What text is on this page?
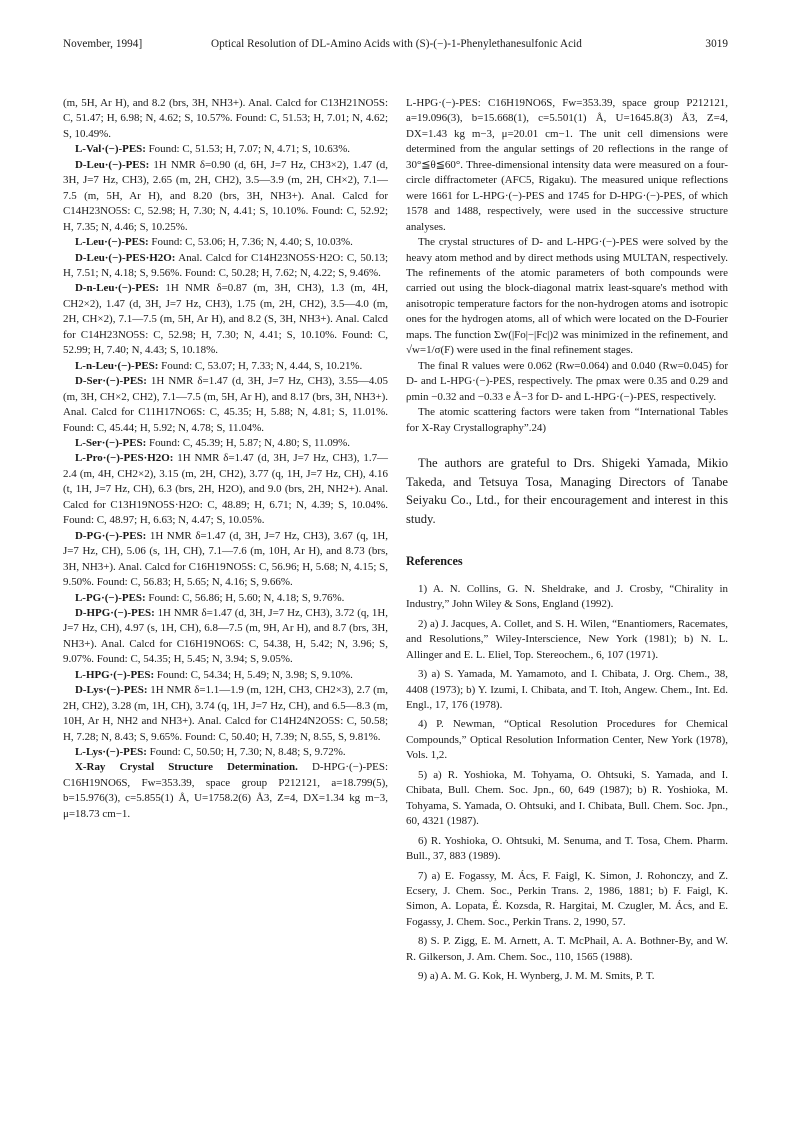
November, 1994]	Optical Resolution of DL-Amino Acids with (S)-(−)-1-Phenylethanesulfonic Acid	3019

(m, 5H, Ar H), and 8.2 (brs, 3H, NH3+). Anal. Calcd for C13H21NO5S: C, 51.47; H, 6.98; N, 4.62; S, 10.57%. Found: C, 51.53; H, 7.01; N, 4.62; S, 10.49%.

L-Val·(−)-PES: Found: C, 51.53; H, 7.07; N, 4.71; S, 10.63%.

D-Leu·(−)-PES: 1H NMR δ=0.90 (d, 6H, J=7 Hz, CH3×2), 1.47 (d, 3H, J=7 Hz, CH3), 2.65 (m, 2H, CH2), 3.5—3.9 (m, 2H, CH×2), 7.1—7.5 (m, 5H, Ar H), and 8.20 (brs, 3H, NH3+). Anal. Calcd for C14H23NO5S: C, 52.98; H, 7.30; N, 4.41; S, 10.10%. Found: C, 52.92; H, 7.35; N, 4.46; S, 10.25%.

L-Leu·(−)-PES: Found: C, 53.06; H, 7.36; N, 4.40; S, 10.03%.

D-Leu·(−)-PES·H2O: Anal. Calcd for C14H23NO5S·H2O: C, 50.13; H, 7.51; N, 4.18; S, 9.56%. Found: C, 50.28; H, 7.62; N, 4.22; S, 9.46%.

D-n-Leu·(−)-PES: 1H NMR δ=0.87 (m, 3H, CH3), 1.3 (m, 4H, CH2×2), 1.47 (d, 3H, J=7 Hz, CH3), 1.75 (m, 2H, CH2), 3.5—4.0 (m, 2H, CH×2), 7.1—7.5 (m, 5H, Ar H), and 8.2 (S, 3H, NH3+). Anal. Calcd for C14H23NO5S: C, 52.98; H, 7.30; N, 4.41; S, 10.10%. Found: C, 52.99; H, 7.40; N, 4.43; S, 10.18%.

L-n-Leu·(−)-PES: Found: C, 53.07; H, 7.33; N, 4.44, S, 10.21%.

D-Ser·(−)-PES: 1H NMR δ=1.47 (d, 3H, J=7 Hz, CH3), 3.55—4.05 (m, 3H, CH×2, CH2), 7.1—7.5 (m, 5H, Ar H), and 8.17 (brs, 3H, NH3+). Anal. Calcd for C11H17NO6S: C, 45.35; H, 5.88; N, 4.81; S, 11.01%. Found: C, 45.44; H, 5.92; N, 4.78; S, 11.04%.

L-Ser·(−)-PES: Found: C, 45.39; H, 5.87; N, 4.80; S, 11.09%.

L-Pro·(−)-PES·H2O: 1H NMR δ=1.47 (d, 3H, J=7 Hz, CH3), 1.7—2.4 (m, 4H, CH2×2), 3.15 (m, 2H, CH2), 3.77 (q, 1H, J=7 Hz, CH), 4.16 (t, 1H, J=7 Hz, CH), 6.3 (brs, 2H, H2O), and 9.0 (brs, 2H, NH2+). Anal. Calcd for C13H19NO5S·H2O: C, 48.89; H, 6.71; N, 4.39; S, 10.04%. Found: C, 48.97; H, 6.63; N, 4.47; S, 10.05%.

D-PG·(−)-PES: 1H NMR δ=1.47 (d, 3H, J=7 Hz, CH3), 3.67 (q, 1H, J=7 Hz, CH), 5.06 (s, 1H, CH), 7.1—7.6 (m, 10H, Ar H), and 8.73 (brs, 3H, NH3+). Anal. Calcd for C16H19NO5S: C, 56.96; H, 5.68; N, 4.15; S, 9.50%. Found: C, 56.83; H, 5.65; N, 4.16; S, 9.66%.

L-PG·(−)-PES: Found: C, 56.86; H, 5.60; N, 4.18; S, 9.76%.

D-HPG·(−)-PES: 1H NMR δ=1.47 (d, 3H, J=7 Hz, CH3), 3.72 (q, 1H, J=7 Hz, CH), 4.97 (s, 1H, CH), 6.8—7.5 (m, 9H, Ar H), and 8.7 (brs, 3H, NH3+). Anal. Calcd for C16H19NO6S: C, 54.38, H, 5.42; N, 3.96; S, 9.07%. Found: C, 54.35; H, 5.45; N, 3.94; S, 9.05%.

L-HPG·(−)-PES: Found: C, 54.34; H, 5.49; N, 3.98; S, 9.10%.

D-Lys·(−)-PES: 1H NMR δ=1.1—1.9 (m, 12H, CH3, CH2×3), 2.7 (m, 2H, CH2), 3.28 (m, 1H, CH), 3.74 (q, 1H, J=7 Hz, CH), and 6.5—8.3 (m, 10H, Ar H, NH2 and NH3+). Anal. Calcd for C14H24N2O5S: C, 50.58; H, 7.28; N, 8.43; S, 9.65%. Found: C, 50.40; H, 7.39; N, 8.55, S, 9.81%.

L-Lys·(−)-PES: Found: C, 50.50; H, 7.30; N, 8.48; S, 9.72%.

X-Ray Crystal Structure Determination. D-HPG·(−)-PES: C16H19NO6S, Fw=353.39, space group P212121, a=18.799(5), b=15.976(3), c=5.855(1) Å, U=1758.2(6) Å3, Z=4, DX=1.34 kg m−3, μ=18.73 cm−1.

L-HPG·(−)-PES: C16H19NO6S, Fw=353.39, space group P212121, a=19.096(3), b=15.668(1), c=5.501(1) Å, U=1645.8(3) Å3, Z=4, DX=1.43 kg m−3, μ=20.01 cm−1. The unit cell dimensions were determined from the angular settings of 20 reflections in the range of 30°≦θ≦60°. Three-dimensional intensity data were measured on a four-circle diffractometer (AFC5, Rigaku). The measured unique reflections were 1661 for L-HPG·(−)-PES and 1745 for D-HPG·(−)-PES, of which 1578 and 1488, respectively, were used in the successive structure analyses.

The crystal structures of D- and L-HPG·(−)-PES were solved by the heavy atom method and by direct methods using MULTAN, respectively. The refinements of the atomic parameters of both compounds were carried out using the block-diagonal matrix least-square's method with anisotropic temperature factors for the non-hydrogen atoms and isotropic ones for the hydrogen atoms, all of which were located on the D-Fourier maps. The function Σw(|Fo|−|Fc|)2 was minimized in the refinement, and √w=1/σ(F) were used in the final refinement stages.

The final R values were 0.062 (Rw=0.064) and 0.040 (Rw=0.045) for D- and L-HPG·(−)-PES, respectively. The ρmax were 0.35 and 0.29 and ρmin −0.32 and −0.33 e Å−3 for D- and L-HPG·(−)-PES, respectively.

The atomic scattering factors were taken from “International Tables for X-Ray Crystallography”.24)

The authors are grateful to Drs. Shigeki Yamada, Mikio Takeda, and Tetsuya Tosa, Managing Directors of Tanabe Seiyaku Co., Ltd., for their encouragement and interest in this study.

References

1) A. N. Collins, G. N. Sheldrake, and J. Crosby, “Chirality in Industry,” John Wiley & Sons, England (1992).

2) a) J. Jacques, A. Collet, and S. H. Wilen, “Enantiomers, Racemates, and Resolutions,” Wiley-Interscience, New York (1981); b) N. L. Allinger and E. L. Eliel, Top. Stereochem., 6, 107 (1971).

3) a) S. Yamada, M. Yamamoto, and I. Chibata, J. Org. Chem., 38, 4408 (1973); b) Y. Izumi, I. Chibata, and T. Itoh, Angew. Chem., Int. Ed. Engl., 17, 176 (1978).

4) P. Newman, “Optical Resolution Procedures for Chemical Compounds,” Optical Resolution Information Center, New York (1978), Vols. 1,2.

5) a) R. Yoshioka, M. Tohyama, O. Ohtsuki, S. Yamada, and I. Chibata, Bull. Chem. Soc. Jpn., 60, 649 (1987); b) R. Yoshioka, M. Tohyama, S. Yamada, O. Ohtsuki, and I. Chibata, Bull. Chem. Soc. Jpn., 60, 4321 (1987).

6) R. Yoshioka, O. Ohtsuki, M. Senuma, and T. Tosa, Chem. Pharm. Bull., 37, 883 (1989).

7) a) E. Fogassy, M. Ács, F. Faigl, K. Simon, J. Rohonczy, and Z. Ecsery, J. Chem. Soc., Perkin Trans. 2, 1986, 1881; b) F. Faigl, K. Simon, A. Lopata, É. Kozsda, R. Hargitai, M. Czugler, M. Ács, and E. Fogassy, J. Chem. Soc., Perkin Trans. 2, 1990, 57.

8) S. P. Zigg, E. M. Arnett, A. T. McPhail, A. A. Bothner-By, and W. R. Gilkerson, J. Am. Chem. Soc., 110, 1565 (1988).

9) a) A. M. G. Kok, H. Wynberg, J. M. M. Smits, P. T.
